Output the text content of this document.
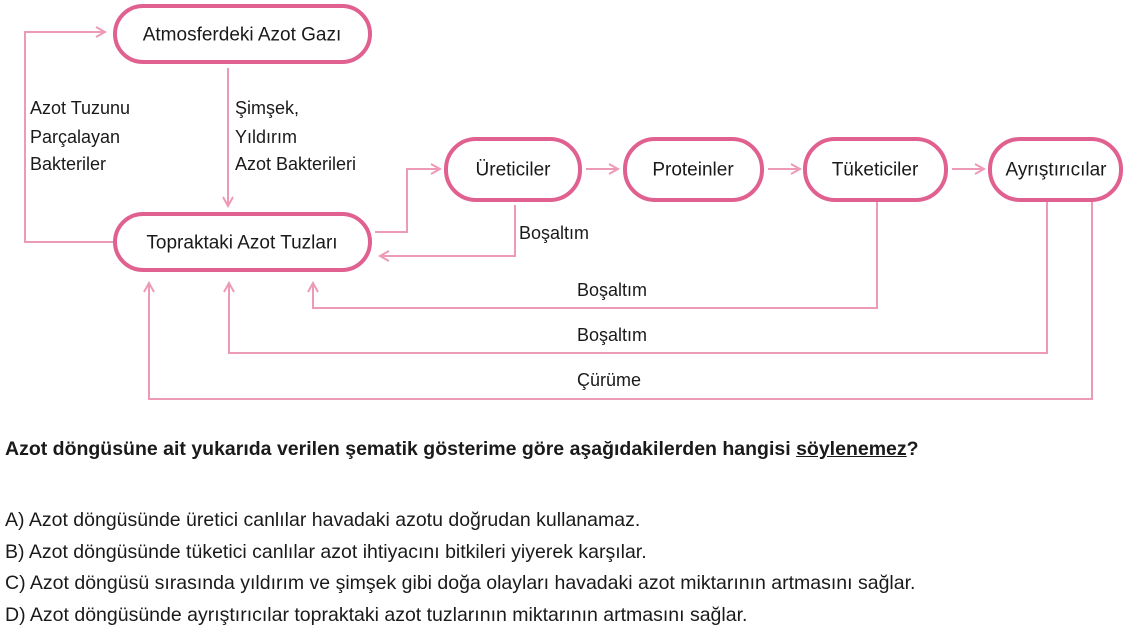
Atmosferdeki Azot Gazı
Topraktaki Azot Tuzları
Üreticiler	Proteinler	Tüketiciler	Ayrıştırıcılar
Azot Tuzunu
Parçalayan
Bakteriler
Şimşek,
Yıldırım
Azot Bakterileri
Boşaltım
Boşaltım
Boşaltım
Çürüme
Azot döngüsüne ait yukarıda verilen şematik gösterime göre aşağıdakilerden hangisi söylenemez?
A) Azot döngüsünde üretici canlılar havadaki azotu doğrudan kullanamaz.
B) Azot döngüsünde tüketici canlılar azot ihtiyacını bitkileri yiyerek karşılar.
C) Azot döngüsü sırasında yıldırım ve şimşek gibi doğa olayları havadaki azot miktarının artmasını sağlar.
D) Azot döngüsünde ayrıştırıcılar topraktaki azot tuzlarının miktarının artmasını sağlar.
